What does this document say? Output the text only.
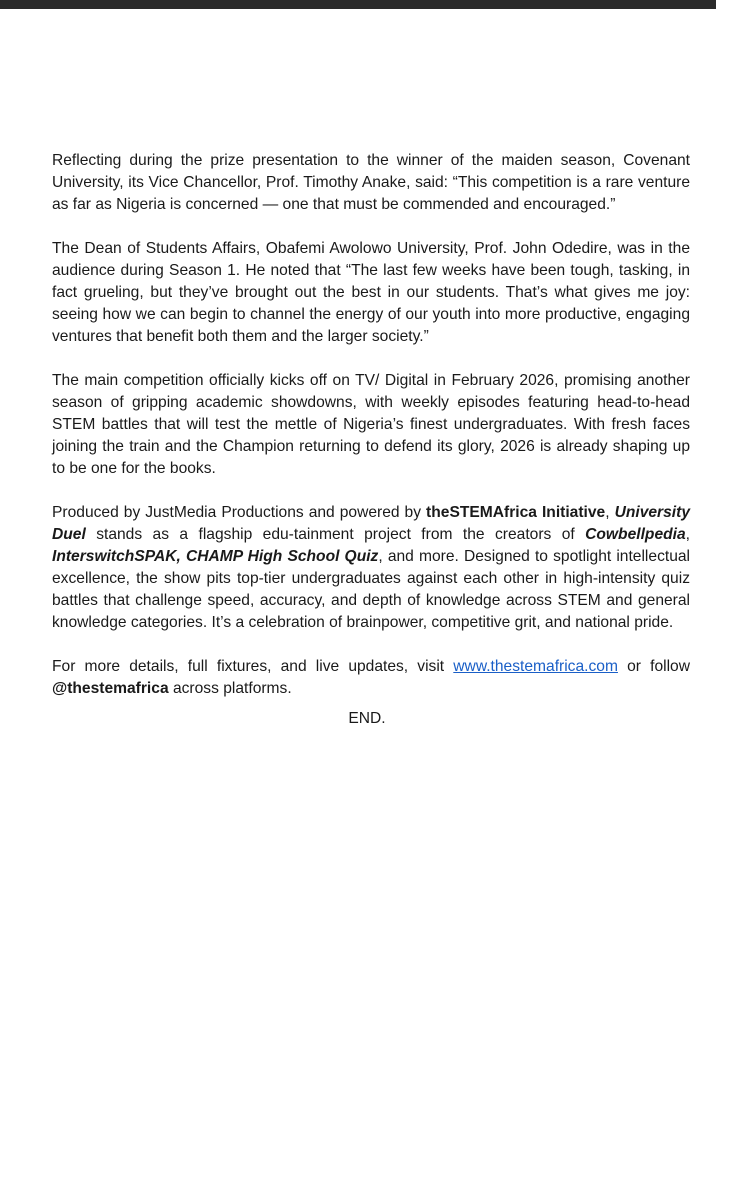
Reflecting during the prize presentation to the winner of the maiden season, Covenant University, its Vice Chancellor, Prof. Timothy Anake, said: “This competition is a rare venture as far as Nigeria is concerned — one that must be commended and encouraged.”

The Dean of Students Affairs, Obafemi Awolowo University, Prof. John Odedire, was in the audience during Season 1. He noted that “The last few weeks have been tough, tasking, in fact grueling, but they’ve brought out the best in our students. That’s what gives me joy: seeing how we can begin to channel the energy of our youth into more productive, engaging ventures that benefit both them and the larger society.”

The main competition officially kicks off on TV/ Digital in February 2026, promising another season of gripping academic showdowns, with weekly episodes featuring head-to-head STEM battles that will test the mettle of Nigeria’s finest undergraduates. With fresh faces joining the train and the Champion returning to defend its glory, 2026 is already shaping up to be one for the books.

Produced by JustMedia Productions and powered by theSTEMAfrica Initiative, University Duel stands as a flagship edu-tainment project from the creators of Cowbellpedia, InterswitchSPAK, CHAMP High School Quiz, and more. Designed to spotlight intellectual excellence, the show pits top-tier undergraduates against each other in high-intensity quiz battles that challenge speed, accuracy, and depth of knowledge across STEM and general knowledge categories. It’s a celebration of brainpower, competitive grit, and national pride.

For more details, full fixtures, and live updates, visit www.thestemafrica.com or follow @thestemafrica across platforms.

END.
